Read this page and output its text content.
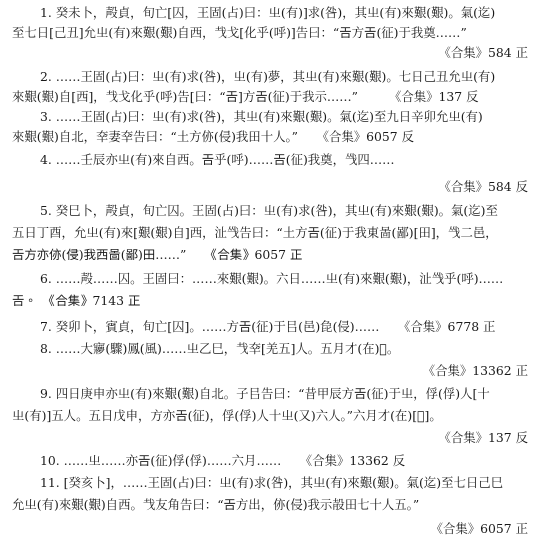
1. 癸未卜，殸貞，旬亡[囚，王固(占)曰：㞢(有)]求(咎)，其㞢(有)來艱(艱)。氣(迄)
至七日[己丑]允㞢(有)來艱(艱)自西，𢦏戈[化乎(呼)]告曰：“𢀛方𢀛(征)于我奠……”
《合集》584 正
2. ……王固(占)曰：㞢(有)求(咎)，㞢(有)夢，其㞢(有)來艱(艱)。七日己丑允㞢(有)
來艱(艱)自[西]，𢦏戈化乎(呼)告[曰：“𢀛]方𢀛(征)于我示……”　　　《合集》137 反
3. ……王固(占)曰：㞢(有)求(咎)，其㞢(有)來艱(艱)。氣(迄)至九日辛卯允㞢(有)
來艱(艱)自北，㚔妻㚔告曰：“土方㑊(侵)我田十人。”　　《合集》6057 反
4. ……壬辰亦㞢(有)來自西。𢀛乎(呼)……𢀛(征)我奠，㦰四……
《合集》584 反
5. 癸巳卜，殸貞，旬亡囚。王固(占)曰：㞢(有)求(咎)，其㞢(有)來艱(艱)。氣(迄)至
五日丁酉，允㞢(有)來[艱(艱)自]西，沚㦰告曰：“土方𢀛(征)于我東啚(鄙)[田]，㦰二邑，
𢀛方亦㑊(侵)我西啚(鄙)田……”　　《合集》6057 正
6. ……殸……囚。王固曰：……來艱(艱)。六日……㞢(有)來艱(艱)，沚㦰乎(呼)……
𢀛。　《合集》7143 正
7. 癸卯卜，賓貞，旬亡[囚]。……方𢀛(征)于㠯(邑)㲋(侵)……　　《合集》6778 正
8. ……大㝱(驟)鳳(風)……㞢乙巳，𢦏㚔[羌五]人。五月才(在)𦎫。
《合集》13362 正
9. 四日庚申亦㞢(有)來艱(艱)自北。子㠯告曰：“昔甲辰方𢀛(征)于㞢，俘(俘)人[十
㞢(有)]五人。五日戊申，方亦𢀛(征)，俘(俘)人十㞢(又)六人。”六月才(在)[𦎫]。
《合集》137 反
10. ……㞢……亦𢀛(征)俘(俘)……六月……　　《合集》13362 反
11. [癸亥卜]，……王固(占)曰：㞢(有)求(咎)，其㞢(有)來艱(艱)。氣(迄)至七日己巳
允㞢(有)來艱(艱)自西。𢦏友角告曰：“𢀛方出，㑊(侵)我示㱿田七十人五。”
《合集》6057 正
